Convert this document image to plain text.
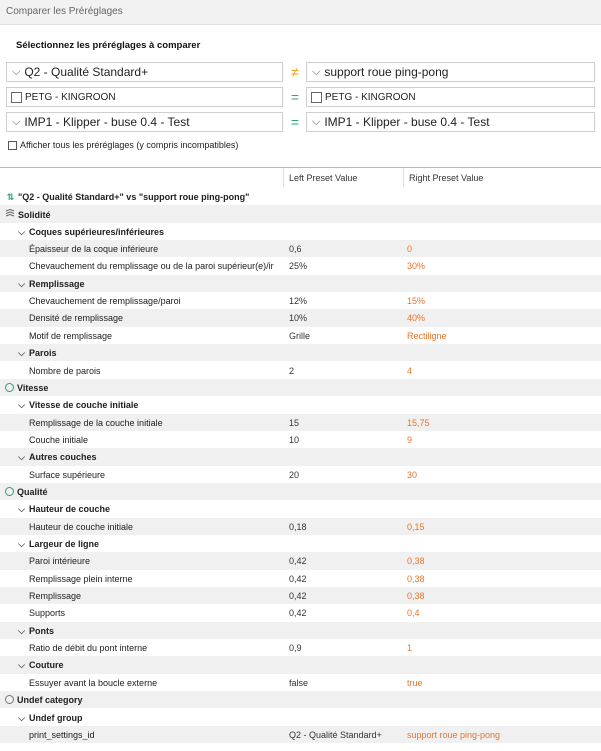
Comparer les Préréglages
Sélectionnez les préréglages à comparer
⌵ Q2 - Qualité Standard+	≠ ⌵ support roue ping-pong
PETG - KINGROON	=	PETG - KINGROON
⌵ IMP1 - Klipper - buse 0.4 - Test	= ⌵ IMP1 - Klipper - buse 0.4 - Test
Afficher tous les préréglages (y compris incompatibles)
Left Preset Value	Right Preset Value
⇅ "Q2 - Qualité Standard+" vs "support roue ping-pong"
Solidité
⌵ Coques supérieures/inférieures
Épaisseur de la coque inférieure	0,6	0
Chevauchement du remplissage ou de la paroi supérieur(e)/ir	25%	30%
⌵ Remplissage
Chevauchement de remplissage/paroi	12%	15%
Densité de remplissage	10%	40%
Motif de remplissage	Grille	Rectiligne
⌵ Parois
Nombre de parois	2	4
Vitesse
⌵ Vitesse de couche initiale
Remplissage de la couche initiale	15	15,75
Couche initiale	10	9
⌵ Autres couches
Surface supérieure	20	30
Qualité
⌵ Hauteur de couche
Hauteur de couche initiale	0,18	0,15
⌵ Largeur de ligne
Paroi intérieure	0,42	0,38
Remplissage plein interne	0,42	0,38
Remplissage	0,42	0,38
Supports	0,42	0,4
⌵ Ponts
Ratio de débit du pont interne	0,9	1
⌵ Couture
Essuyer avant la boucle externe	false	true
Undef category
⌵ Undef group
print_settings_id	Q2 - Qualité Standard+	support roue ping-pong
